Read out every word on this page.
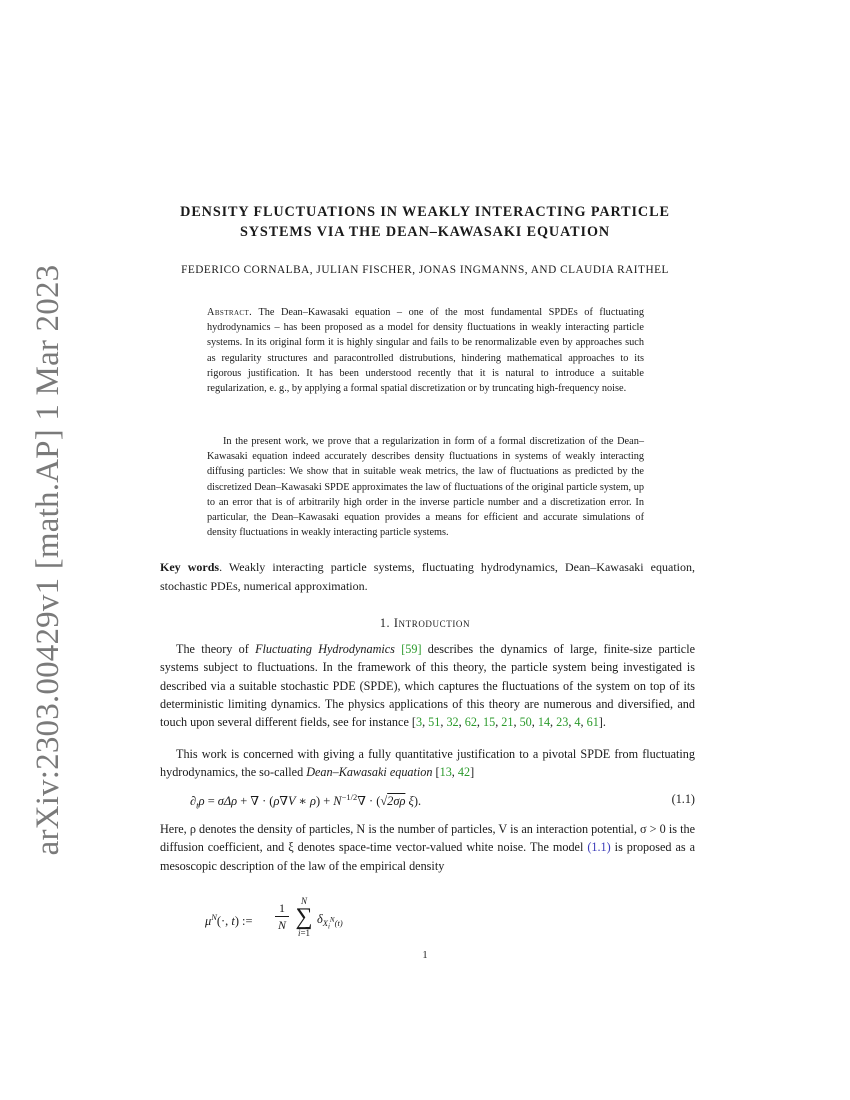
arXiv:2303.00429v1 [math.AP] 1 Mar 2023
DENSITY FLUCTUATIONS IN WEAKLY INTERACTING PARTICLE
SYSTEMS VIA THE DEAN–KAWASAKI EQUATION
FEDERICO CORNALBA, JULIAN FISCHER, JONAS INGMANNS, AND CLAUDIA RAITHEL
Abstract. The Dean–Kawasaki equation – one of the most fundamental SPDEs of fluctuating hydrodynamics – has been proposed as a model for density fluctuations in weakly interacting particle systems. In its original form it is highly singular and fails to be renormalizable even by approaches such as regularity structures and paracontrolled distrubutions, hindering mathematical approaches to its rigorous justification. It has been understood recently that it is natural to introduce a suitable regularization, e. g., by applying a formal spatial discretization or by truncating high-frequency noise.
In the present work, we prove that a regularization in form of a formal discretization of the Dean–Kawasaki equation indeed accurately describes density fluctuations in systems of weakly interacting diffusing particles: We show that in suitable weak metrics, the law of fluctuations as predicted by the discretized Dean–Kawasaki SPDE approximates the law of fluctuations of the original particle system, up to an error that is of arbitrarily high order in the inverse particle number and a discretization error. In particular, the Dean–Kawasaki equation provides a means for efficient and accurate simulations of density fluctuations in weakly interacting particle systems.
Key words. Weakly interacting particle systems, fluctuating hydrodynamics, Dean–Kawasaki equation, stochastic PDEs, numerical approximation.
1. Introduction
The theory of Fluctuating Hydrodynamics [59] describes the dynamics of large, finite-size particle systems subject to fluctuations. In the framework of this theory, the particle system being investigated is described via a suitable stochastic PDE (SPDE), which captures the fluctuations of the system on top of its deterministic limiting dynamics. The physics applications of this theory are numerous and diversified, and touch upon several different fields, see for instance [3, 51, 32, 62, 15, 21, 50, 14, 23, 4, 61].
This work is concerned with giving a fully quantitative justification to a pivotal SPDE from fluctuating hydrodynamics, the so-called Dean–Kawasaki equation [13, 42]
$\partial_t\rho = \sigma\Delta\rho$ + ∇ · (ρ∇V ∗ $\rho) + N^{-1/2}\nabla \cdot (√2\sigma\rho$ ξ).	(1.1)
Here, ρ denotes the density of particles, N is the number of particles, V is an interaction potential, σ > 0 is the diffusion coefficient, and ξ denotes space-time vector-valued white noise. The model (1.1) is proposed as a mesoscopic description of the law of the empirical density
$\mu^N(\cdot$, t) := $\frac{1}{N}$	N
∑
i=1
$\delta_{X_i^N(t)}$
1
